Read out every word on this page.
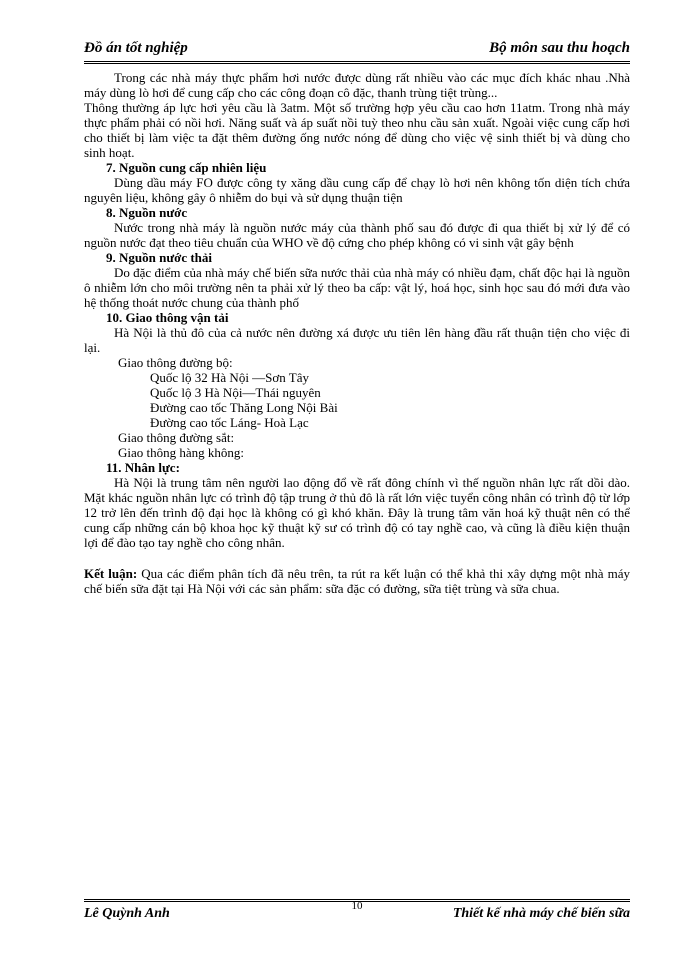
Đồ án tốt nghiệp	Bộ môn sau thu hoạch

Trong các nhà máy thực phẩm hơi nước được dùng rất nhiều vào các mục đích khác nhau .Nhà máy dùng lò hơi để cung cấp cho các công đoạn cô đặc, thanh trùng tiệt trùng...

Thông thường áp lực hơi yêu cầu là 3atm. Một số trường hợp yêu cầu cao hơn 11atm. Trong nhà máy thực phẩm phải có nồi hơi. Năng suất và áp suất nồi tuỳ theo nhu cầu sản xuất. Ngoài việc cung cấp hơi cho thiết bị làm việc ta đặt thêm đường ống nước nóng để dùng cho việc vệ sinh thiết bị và dùng cho sinh hoạt.

7. Nguồn cung cấp nhiên liệu

Dùng dầu máy FO được công ty xăng dầu cung cấp để chạy lò hơi nên không tốn diện tích chứa nguyên liệu, không gây ô nhiễm do bụi và sử dụng thuận tiện

8. Nguồn nước

Nước trong nhà máy là nguồn nước máy của thành phố sau đó được đi qua thiết bị xử lý để có nguồn nước đạt theo tiêu chuẩn của WHO về độ cứng cho phép không có vi sinh vật gây bệnh

9. Nguồn nước thải

Do đặc điểm của nhà máy chế biến sữa nước thải của nhà máy có nhiều đạm, chất độc hại là nguồn ô nhiễm lớn cho môi trường nên ta phải xử lý theo ba cấp: vật lý, hoá học, sinh học sau đó mới đưa vào hệ thống thoát nước chung của thành phố

10. Giao thông vận tải

Hà Nội là thủ đô của cả nước nên đường xá được ưu tiên lên hàng đầu rất thuận tiện cho việc đi lại.

Giao thông đường bộ:

Quốc lộ 32 Hà Nội —Sơn Tây

Quốc lộ 3 Hà Nội—Thái nguyên

Đường cao tốc Thăng Long Nội Bài

Đường cao tốc Láng- Hoà Lạc

Giao thông đường sắt:

Giao thông hàng không:

11. Nhân lực:

Hà Nội là trung tâm nên người lao động đổ về rất đông chính vì thế nguồn nhân lực rất dồi dào. Mặt khác nguồn nhân lực có trình độ tập trung ở thủ đô là rất lớn việc tuyển công nhân có trình độ từ lớp 12 trở lên đến trình độ đại học là không có gì khó khăn. Đây là trung tâm văn hoá kỹ thuật nên có thể cung cấp những cán bộ khoa học kỹ thuật kỹ sư có trình độ có tay nghề cao, và cũng là điều kiện thuận lợi để đào tạo tay nghề cho công nhân.

Kết luận: Qua các điểm phân tích đã nêu trên, ta rút ra kết luận có thể khả thi xây dựng một nhà máy chế biến sữa đặt tại Hà Nội với các sản phẩm: sữa đặc có đường, sữa tiệt trùng và sữa chua.

Lê Quỳnh Anh	10	Thiết kế nhà máy chế biến sữa
